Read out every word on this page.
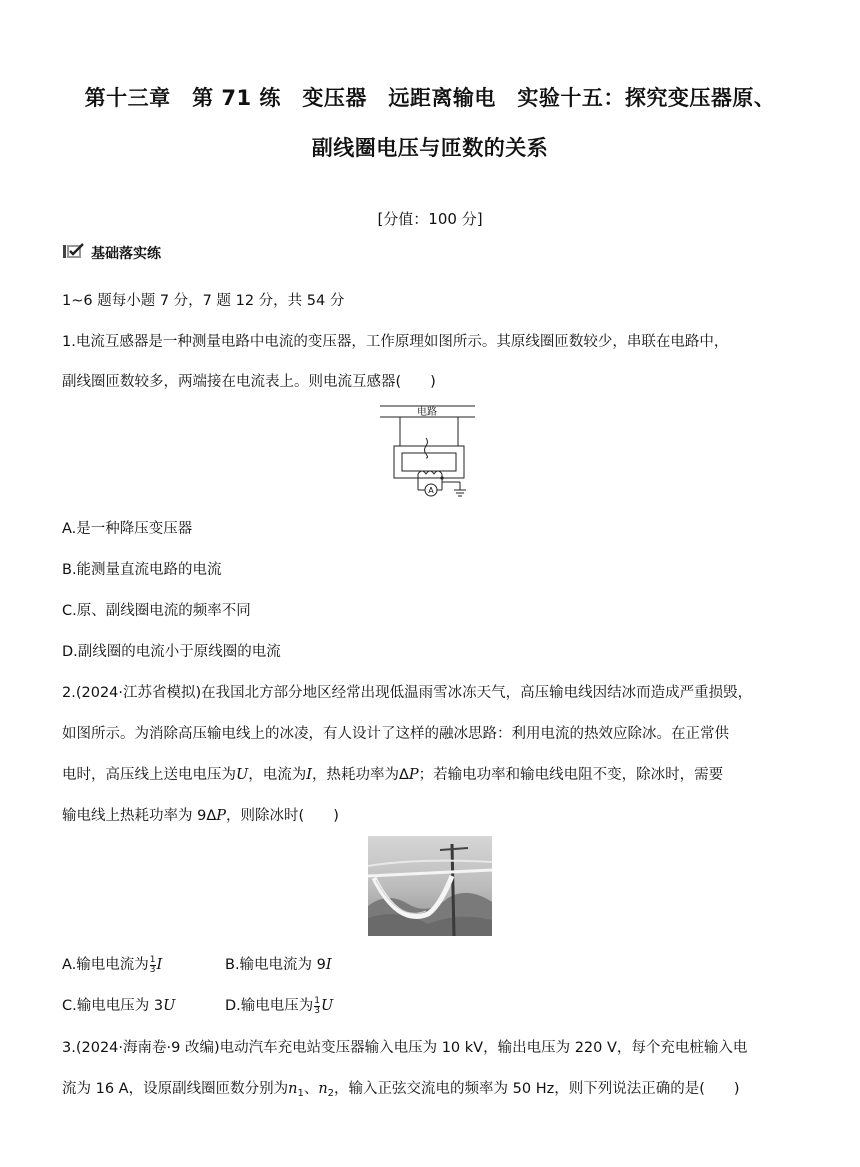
第十三章　第 71 练　变压器　远距离输电　实验十五：探究变压器原、
副线圈电压与匝数的关系
[分值：100 分]
基础落实练
1~6 题每小题 7 分，7 题 12 分，共 54 分
1.电流互感器是一种测量电路中电流的变压器，工作原理如图所示。其原线圈匝数较少，串联在电路中，
副线圈匝数较多，两端接在电流表上。则电流互感器(　　)
电路
A
A.是一种降压变压器
B.能测量直流电路的电流
C.原、副线圈电流的频率不同
D.副线圈的电流小于原线圈的电流
2.(2024·江苏省模拟)在我国北方部分地区经常出现低温雨雪冰冻天气，高压输电线因结冰而造成严重损毁，
如图所示。为消除高压输电线上的冰凌，有人设计了这样的融冰思路：利用电流的热效应除冰。在正常供
电时，高压线上送电电压为U，电流为I，热耗功率为ΔP；若输电功率和输电线电阻不变，除冰时，需要
输电线上热耗功率为 9ΔP，则除冰时(　　)
A.输电电流为 $\frac{1}{3}$ I	B.输电电流为 9I
C.输电电压为 3U	D.输电电压为 $\frac{1}{3}$ U
3.(2024·海南卷·9 改编)电动汽车充电站变压器输入电压为 10 kV，输出电压为 220 V，每个充电桩输入电
流为 16 A，设原副线圈匝数分别为$n_1$、$n_2$，输入正弦交流电的频率为 50 Hz，则下列说法正确的是(　　)
